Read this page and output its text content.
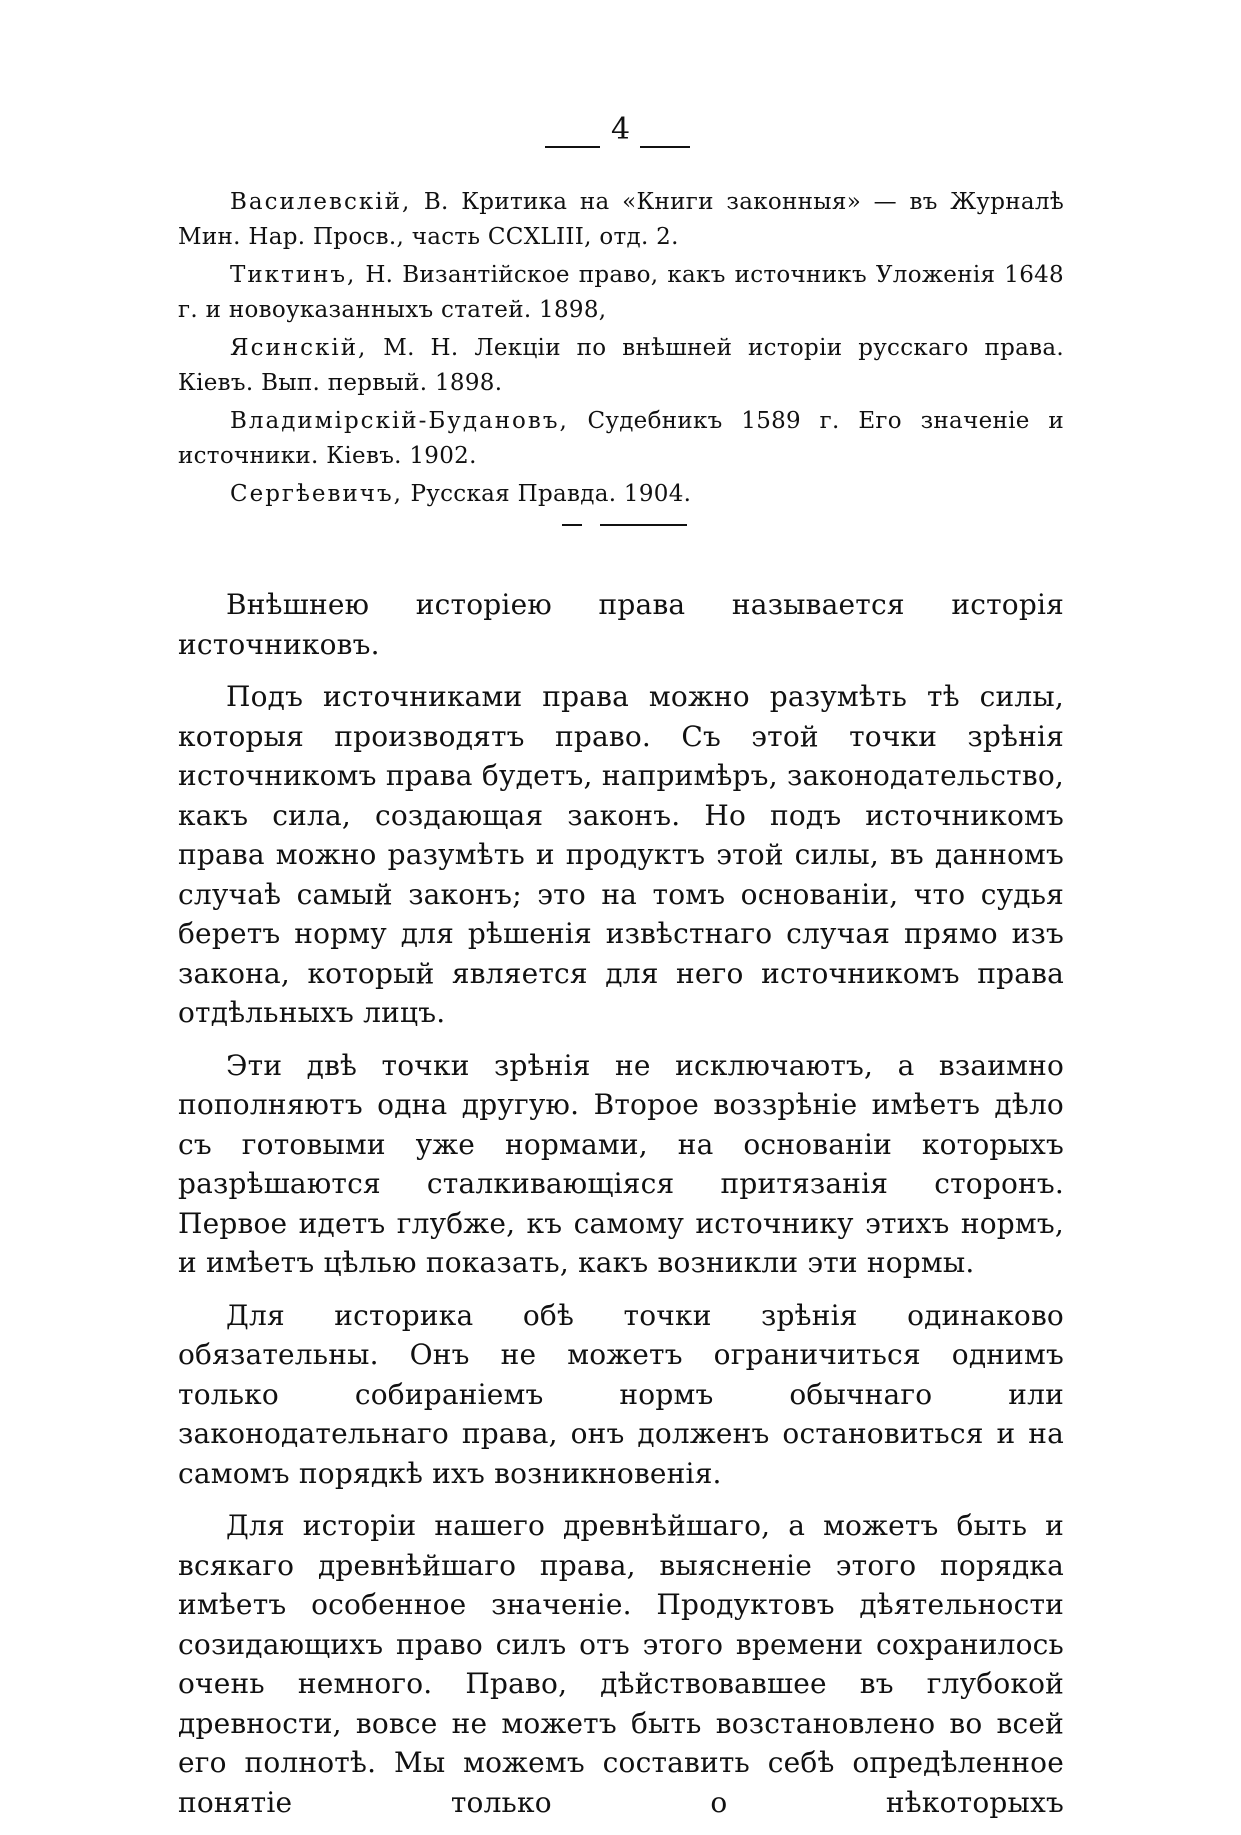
4

Василевскій, В. Критика на «Книги законныя» — въ Журналѣ Мин. Нар. Просв., часть CCXLIII, отд. 2.

Тиктинъ, Н. Византійское право, какъ источникъ Уложенія 1648 г. и новоуказанныхъ статей. 1898,

Ясинскій, М. Н. Лекціи по внѣшней исторіи русскаго права. Кіевъ. Вып. первый. 1898.

Владимірскій-Будановъ, Судебникъ 1589 г. Его значеніе и источники. Кіевъ. 1902.

Сергѣевичъ, Русская Правда. 1904.

Внѣшнею исторіею права называется исторія источниковъ.

Подъ источниками права можно разумѣть тѣ силы, которыя производятъ право. Съ этой точки зрѣнія источникомъ права будетъ, напримѣръ, законодательство, какъ сила, создающая законъ. Но подъ источникомъ права можно разумѣть и продуктъ этой силы, въ данномъ случаѣ самый законъ; это на томъ основаніи, что судья беретъ норму для рѣшенія извѣстнаго случая прямо изъ закона, который является для него источникомъ права отдѣльныхъ лицъ.

Эти двѣ точки зрѣнія не исключаютъ, а взаимно пополняютъ одна другую. Второе воззрѣніе имѣетъ дѣло съ готовыми уже нормами, на основаніи которыхъ разрѣшаются сталкивающіяся притязанія сторонъ. Первое идетъ глубже, къ самому источнику этихъ нормъ, и имѣетъ цѣлью показать, какъ возникли эти нормы.

Для историка обѣ точки зрѣнія одинаково обязательны. Онъ не можетъ ограничиться однимъ только собираніемъ нормъ обычнаго или законодательнаго права, онъ долженъ остановиться и на самомъ порядкѣ ихъ возникновенія.

Для исторіи нашего древнѣйшаго, а можетъ быть и всякаго древнѣйшаго права, выясненіе этого порядка имѣетъ особенное значеніе. Продуктовъ дѣятельности созидающихъ право силъ отъ этого времени сохранилось очень немного. Право, дѣйствовавшее въ глубокой древности, вовсе не можетъ быть возстановлено во всей его полнотѣ. Мы можемъ составить себѣ опредѣленное понятіе только о нѣкоторыхъ
